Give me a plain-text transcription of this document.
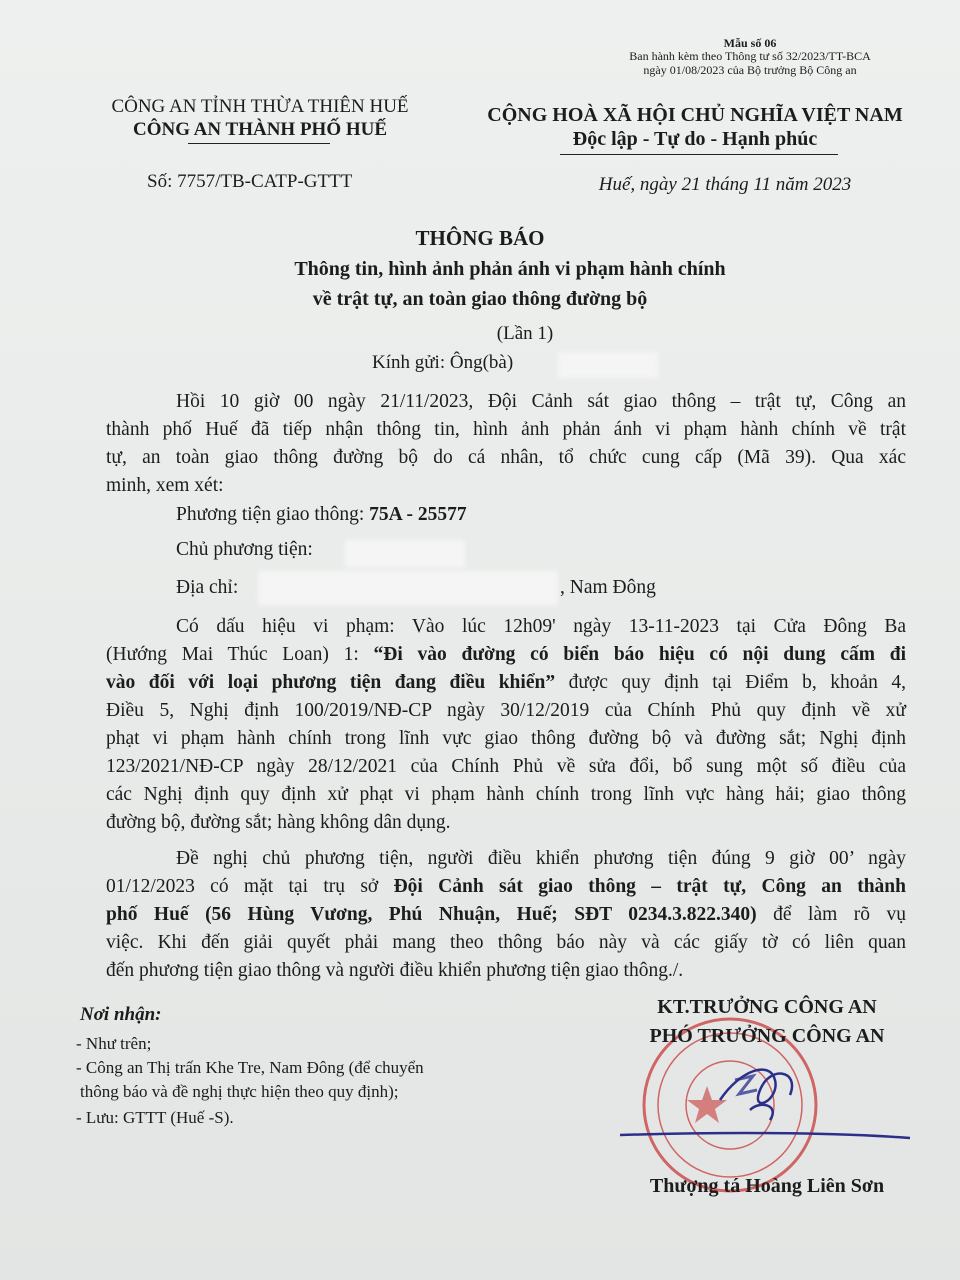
Mẫu số 06
Ban hành kèm theo Thông tư số 32/2023/TT-BCA
ngày 01/08/2023 của Bộ trưởng Bộ Công an
CÔNG AN TỈNH THỪA THIÊN HUẾ
CÔNG AN THÀNH PHỐ HUẾ
CỘNG HOÀ XÃ HỘI CHỦ NGHĨA VIỆT NAM
Độc lập - Tự do - Hạnh phúc
Số: 7757/TB-CATP-GTTT	Huế, ngày 21 tháng 11 năm 2023
THÔNG BÁO
Thông tin, hình ảnh phản ánh vi phạm hành chính
về trật tự, an toàn giao thông đường bộ
(Lần 1)
Kính gửi: Ông(bà)
Hồi 10 giờ 00 ngày 21/11/2023, Đội Cảnh sát giao thông – trật tự, Công an
thành phố Huế đã tiếp nhận thông tin, hình ảnh phản ánh vi phạm hành chính về trật
tự, an toàn giao thông đường bộ do cá nhân, tổ chức cung cấp (Mã 39). Qua xác
minh, xem xét:
Phương tiện giao thông: 75A - 25577
Chủ phương tiện:
Địa chỉ:	, Nam Đông
Có dấu hiệu vi phạm: Vào lúc 12h09' ngày 13-11-2023 tại Cửa Đông Ba
(Hướng Mai Thúc Loan) 1: “Đi vào đường có biển báo hiệu có nội dung cấm đi
vào đối với loại phương tiện đang điều khiển” được quy định tại Điểm b, khoản 4,
Điều 5, Nghị định 100/2019/NĐ-CP ngày 30/12/2019 của Chính Phủ quy định về xử
phạt vi phạm hành chính trong lĩnh vực giao thông đường bộ và đường sắt; Nghị định
123/2021/NĐ-CP ngày 28/12/2021 của Chính Phủ về sửa đổi, bổ sung một số điều của
các Nghị định quy định xử phạt vi phạm hành chính trong lĩnh vực hàng hải; giao thông
đường bộ, đường sắt; hàng không dân dụng.
Đề nghị chủ phương tiện, người điều khiển phương tiện đúng 9 giờ 00’ ngày
01/12/2023 có mặt tại trụ sở Đội Cảnh sát giao thông – trật tự, Công an thành
phố Huế (56 Hùng Vương, Phú Nhuận, Huế; SĐT 0234.3.822.340) để làm rõ vụ
việc. Khi đến giải quyết phải mang theo thông báo này và các giấy tờ có liên quan
đến phương tiện giao thông và người điều khiển phương tiện giao thông./.
Nơi nhận:
- Như trên;
- Công an Thị trấn Khe Tre, Nam Đông (để chuyển
thông báo và đề nghị thực hiện theo quy định);
- Lưu: GTTT (Huế -S).
KT.TRƯỞNG CÔNG AN
PHÓ TRƯỞNG CÔNG AN
Thượng tá Hoàng Liên Sơn
